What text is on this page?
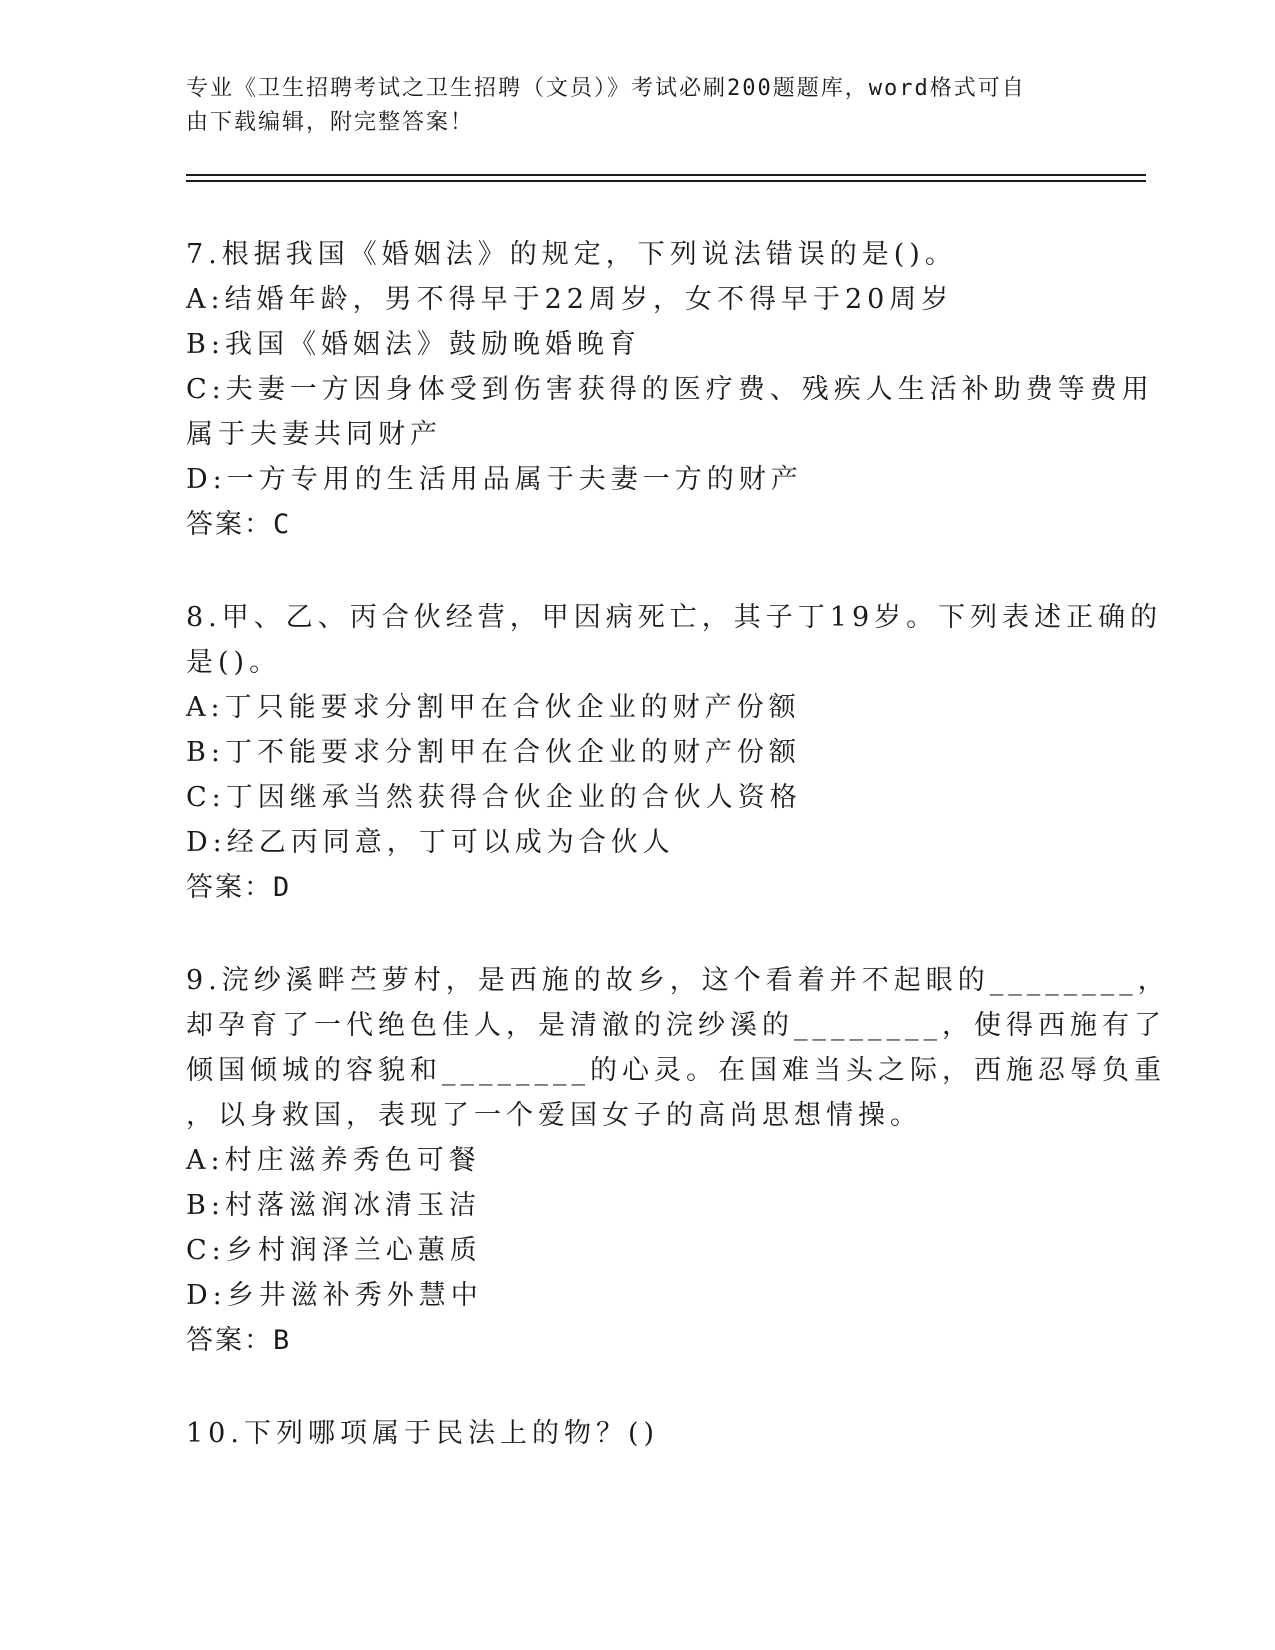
专业《卫生招聘考试之卫生招聘（文员）》考试必刷200题题库，word格式可自
由下载编辑，附完整答案！
7.根据我国《婚姻法》的规定，下列说法错误的是()。
A:结婚年龄，男不得早于22周岁，女不得早于20周岁
B:我国《婚姻法》鼓励晚婚晚育
C:夫妻一方因身体受到伤害获得的医疗费、残疾人生活补助费等费用
属于夫妻共同财产
D:一方专用的生活用品属于夫妻一方的财产
答案：C
8.甲、乙、丙合伙经营，甲因病死亡，其子丁19岁。下列表述正确的
是()。
A:丁只能要求分割甲在合伙企业的财产份额
B:丁不能要求分割甲在合伙企业的财产份额
C:丁因继承当然获得合伙企业的合伙人资格
D:经乙丙同意，丁可以成为合伙人
答案：D
9.浣纱溪畔苎萝村，是西施的故乡，这个看着并不起眼的________，
却孕育了一代绝色佳人，是清澈的浣纱溪的________，使得西施有了
倾国倾城的容貌和________的心灵。在国难当头之际，西施忍辱负重
，以身救国，表现了一个爱国女子的高尚思想情操。
A:村庄滋养秀色可餐
B:村落滋润冰清玉洁
C:乡村润泽兰心蕙质
D:乡井滋补秀外慧中
答案：B
10.下列哪项属于民法上的物？()
